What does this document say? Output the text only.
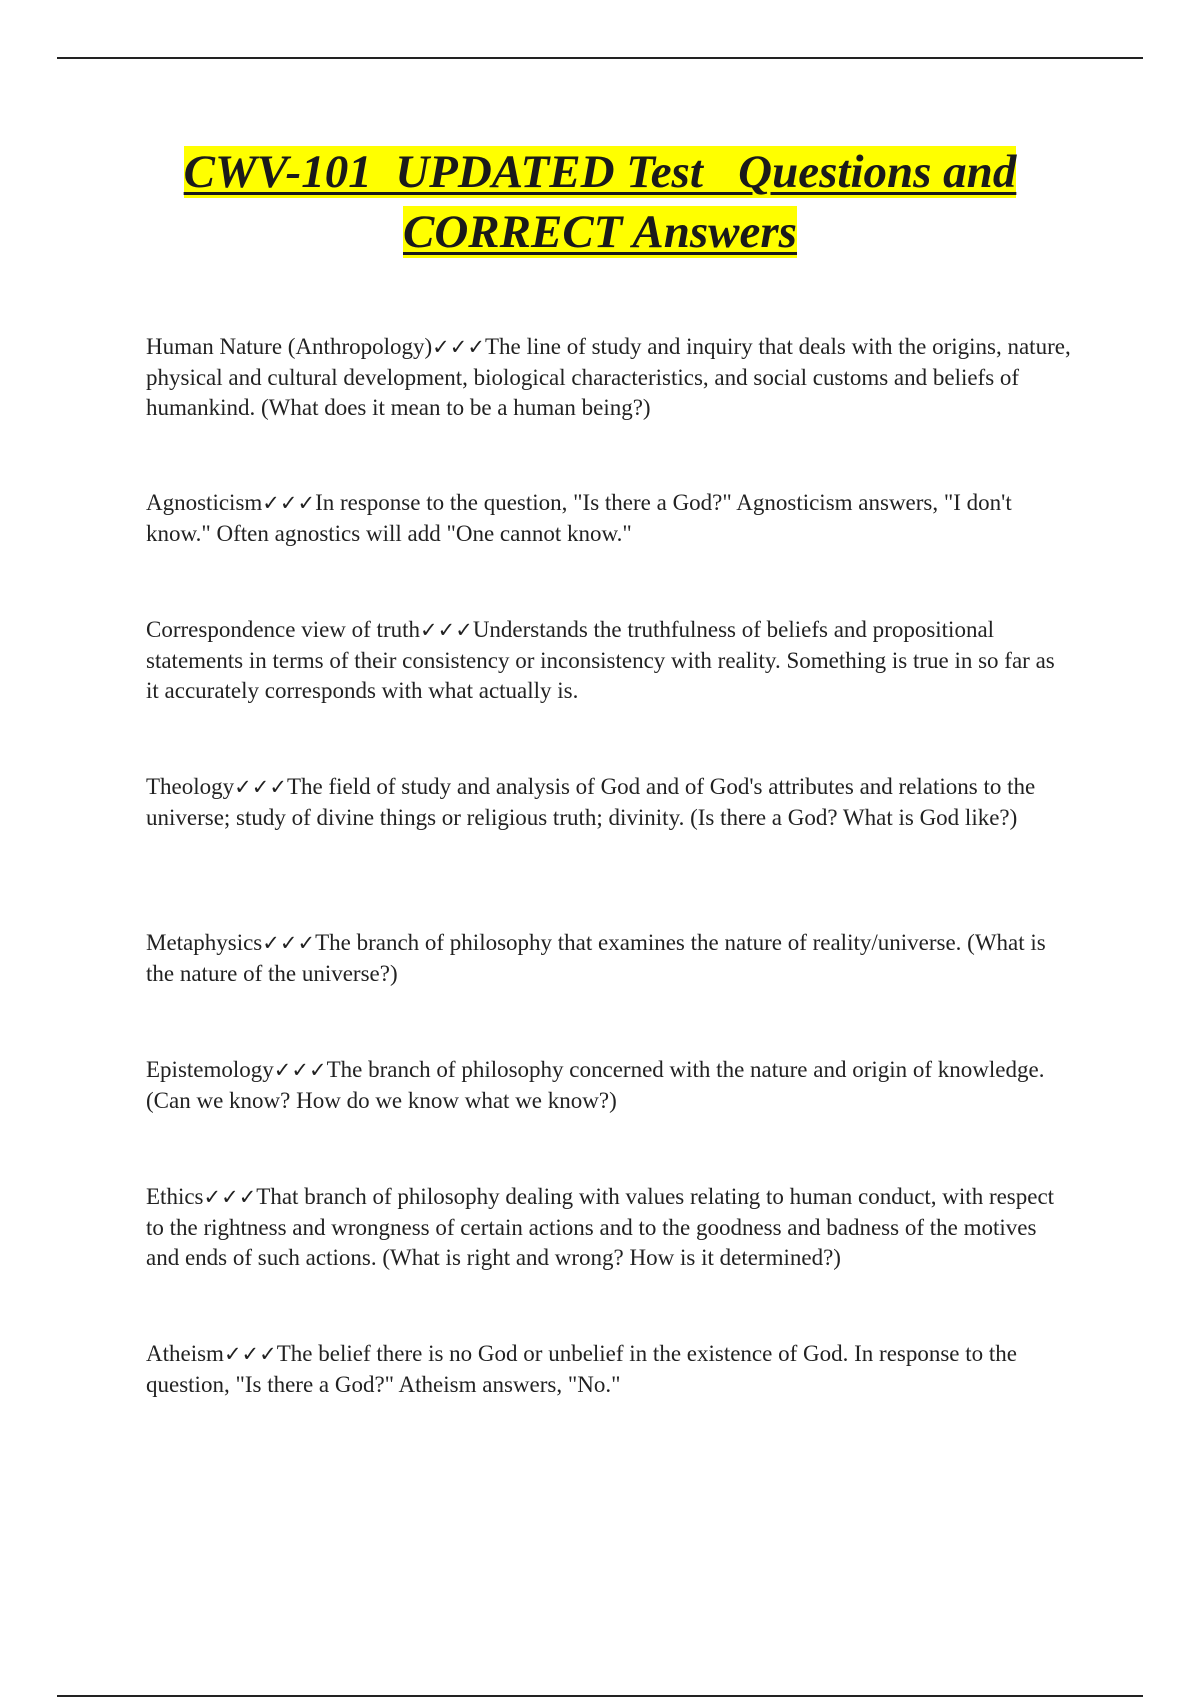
CWV-101  UPDATED Test   Questions and
CORRECT Answers

Human Nature (Anthropology)✓✓✓The line of study and inquiry that deals with the origins, nature, physical and cultural development, biological characteristics, and social customs and beliefs of humankind. (What does it mean to be a human being?)

Agnosticism✓✓✓In response to the question, "Is there a God?" Agnosticism answers, "I don't know." Often agnostics will add "One cannot know."

Correspondence view of truth✓✓✓Understands the truthfulness of beliefs and propositional statements in terms of their consistency or inconsistency with reality. Something is true in so far as it accurately corresponds with what actually is.

Theology✓✓✓The field of study and analysis of God and of God's attributes and relations to the universe; study of divine things or religious truth; divinity. (Is there a God? What is God like?)

Metaphysics✓✓✓The branch of philosophy that examines the nature of reality/universe. (What is the nature of the universe?)

Epistemology✓✓✓The branch of philosophy concerned with the nature and origin of knowledge. (Can we know? How do we know what we know?)

Ethics✓✓✓That branch of philosophy dealing with values relating to human conduct, with respect to the rightness and wrongness of certain actions and to the goodness and badness of the motives and ends of such actions. (What is right and wrong? How is it determined?)

Atheism✓✓✓The belief there is no God or unbelief in the existence of God. In response to the question, "Is there a God?" Atheism answers, "No."
